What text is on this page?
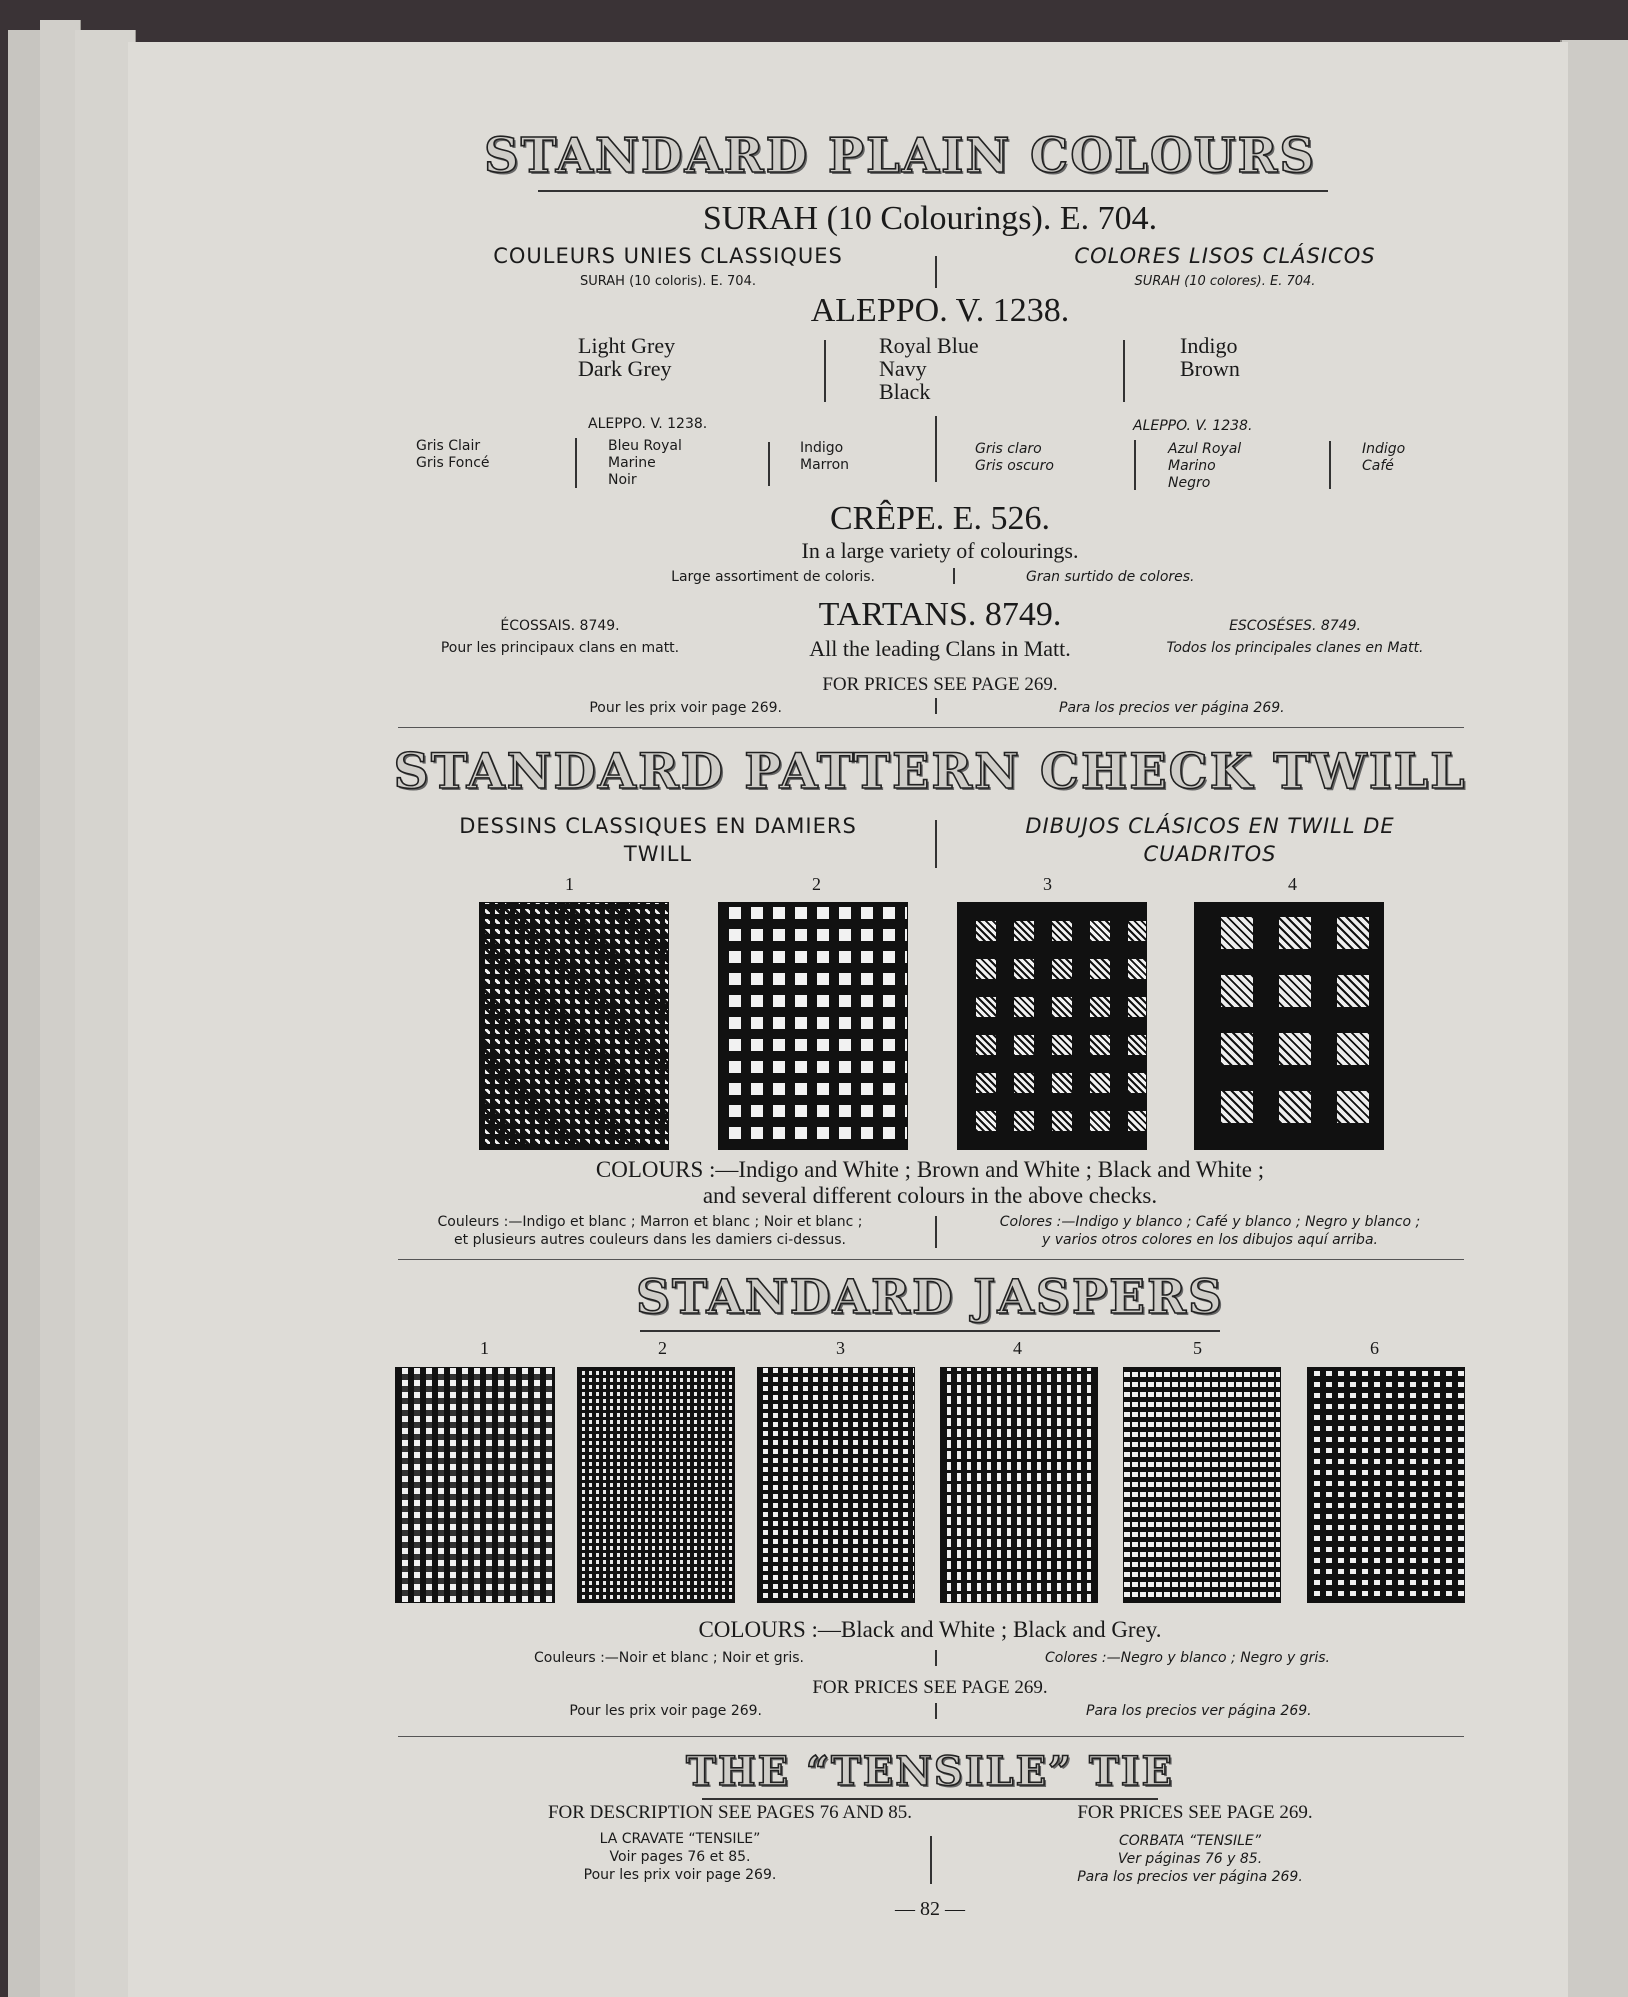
STANDARD PLAIN COLOURS
SURAH (10 Colourings). E. 704.
COULEURS UNIES CLASSIQUES
SURAH (10 coloris). E. 704.
COLORES LISOS CLÁSICOS
SURAH (10 colores). E. 704.
ALEPPO. V. 1238.
Light Grey
Dark Grey
Royal Blue
Navy
Black
Indigo
Brown
ALEPPO. V. 1238.
Gris Clair
Gris Foncé
Bleu Royal
Marine
Noir
Indigo
Marron
ALEPPO. V. 1238.
Gris claro
Gris oscuro
Azul Royal
Marino
Negro
Indigo
Café
CRÊPE. E. 526.
In a large variety of colourings.
Large assortiment de coloris.	Gran surtido de colores.
ÉCOSSAIS. 8749.
Pour les principaux clans en matt.
TARTANS. 8749.
All the leading Clans in Matt.
ESCOSÉSES. 8749.
Todos los principales clanes en Matt.
FOR PRICES SEE PAGE 269.
Pour les prix voir page 269.	Para los precios ver página 269.
STANDARD PATTERN CHECK TWILL
DESSINS CLASSIQUES EN DAMIERS
TWILL
DIBUJOS CLÁSICOS EN TWILL DE
CUADRITOS
1	2	3	4
COLOURS :—Indigo and White ; Brown and White ; Black and White ;
and several different colours in the above checks.
Couleurs :—Indigo et blanc ; Marron et blanc ; Noir et blanc ;
et plusieurs autres couleurs dans les damiers ci-dessus.
Colores :—Indigo y blanco ; Café y blanco ; Negro y blanco ;
y varios otros colores en los dibujos aquí arriba.
STANDARD JASPERS
1	2	3	4	5	6
COLOURS :—Black and White ; Black and Grey.
Couleurs :—Noir et blanc ; Noir et gris.	Colores :—Negro y blanco ; Negro y gris.
FOR PRICES SEE PAGE 269.
Pour les prix voir page 269.	Para los precios ver página 269.
THE “TENSILE” TIE
FOR DESCRIPTION SEE PAGES 76 AND 85.	FOR PRICES SEE PAGE 269.
LA CRAVATE “TENSILE”
Voir pages 76 et 85.
Pour les prix voir page 269.
CORBATA “TENSILE”
Ver páginas 76 y 85.
Para los precios ver página 269.
— 82 —
